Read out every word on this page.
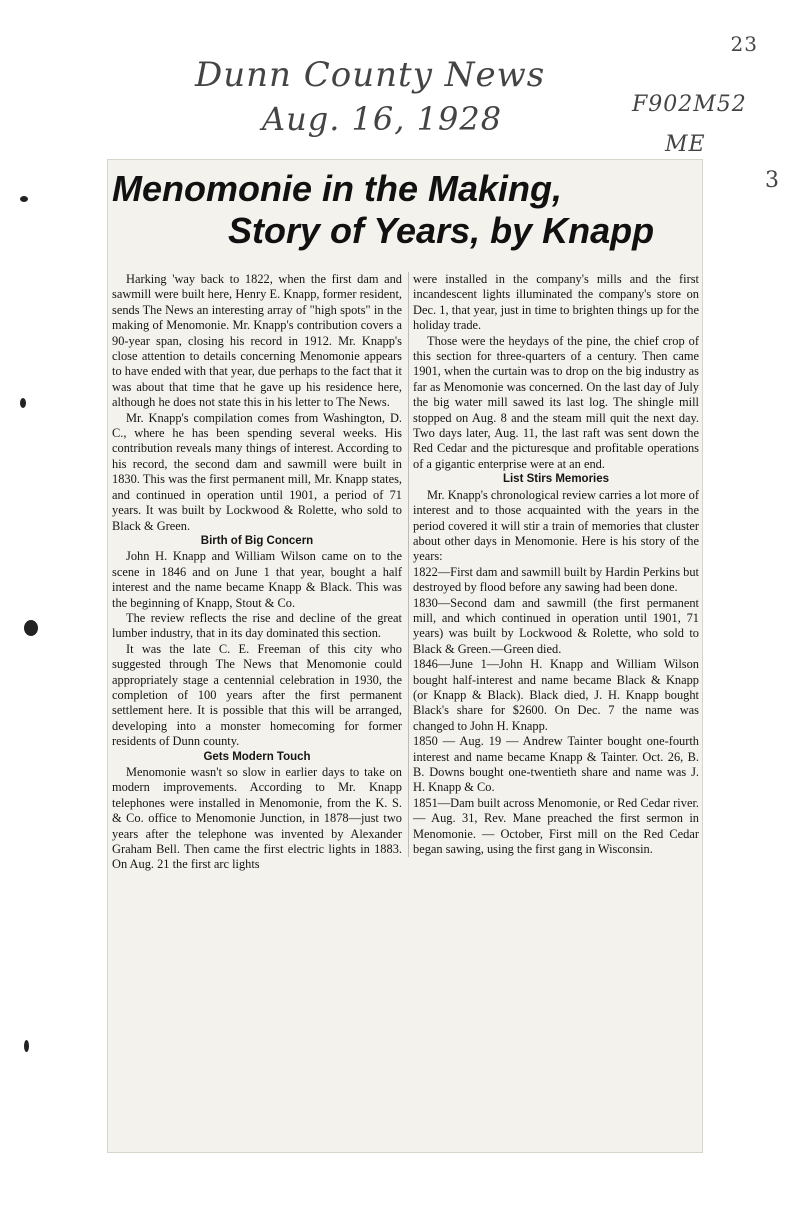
Dunn County News
Aug. 16, 1928
23
F902M52
ME
3
Menomonie in the Making,
Story of Years, by Knapp

Harking 'way back to 1822, when the first dam and sawmill were built here, Henry E. Knapp, former resident, sends The News an interesting array of "high spots" in the making of Menomonie. Mr. Knapp's contribution covers a 90-year span, closing his record in 1912. Mr. Knapp's close attention to details concerning Menomonie appears to have ended with that year, due perhaps to the fact that it was about that time that he gave up his residence here, although he does not state this in his letter to The News.

Mr. Knapp's compilation comes from Washington, D. C., where he has been spending several weeks. His contribution reveals many things of interest. According to his record, the second dam and sawmill were built in 1830. This was the first permanent mill, Mr. Knapp states, and continued in operation until 1901, a period of 71 years. It was built by Lockwood & Rolette, who sold to Black & Green.

Birth of Big Concern

John H. Knapp and William Wilson came on to the scene in 1846 and on June 1 that year, bought a half interest and the name became Knapp & Black. This was the beginning of Knapp, Stout & Co.

The review reflects the rise and decline of the great lumber industry, that in its day dominated this section.

It was the late C. E. Freeman of this city who suggested through The News that Menomonie could appropriately stage a centennial celebration in 1930, the completion of 100 years after the first permanent settlement here. It is possible that this will be arranged, developing into a monster homecoming for former residents of Dunn county.

Gets Modern Touch

Menomonie wasn't so slow in earlier days to take on modern improvements. According to Mr. Knapp telephones were installed in Menomonie, from the K. S. & Co. office to Menomonie Junction, in 1878—just two years after the telephone was invented by Alexander Graham Bell. Then came the first electric lights in 1883. On Aug. 21 the first arc lights

were installed in the company's mills and the first incandescent lights illuminated the company's store on Dec. 1, that year, just in time to brighten things up for the holiday trade.

Those were the heydays of the pine, the chief crop of this section for three-quarters of a century. Then came 1901, when the curtain was to drop on the big industry as far as Menomonie was concerned. On the last day of July the big water mill sawed its last log. The shingle mill stopped on Aug. 8 and the steam mill quit the next day. Two days later, Aug. 11, the last raft was sent down the Red Cedar and the picturesque and profitable operations of a gigantic enterprise were at an end.

List Stirs Memories

Mr. Knapp's chronological review carries a lot more of interest and to those acquainted with the years in the period covered it will stir a train of memories that cluster about other days in Menomonie. Here is his story of the years:

1822—First dam and sawmill built by Hardin Perkins but destroyed by flood before any sawing had been done.

1830—Second dam and sawmill (the first permanent mill, and which continued in operation until 1901, 71 years) was built by Lockwood & Rolette, who sold to Black & Green.—Green died.

1846—June 1—John H. Knapp and William Wilson bought half-interest and name became Black & Knapp (or Knapp & Black). Black died, J. H. Knapp bought Black's share for $2600. On Dec. 7 the name was changed to John H. Knapp.

1850 — Aug. 19 — Andrew Tainter bought one-fourth interest and name became Knapp & Tainter. Oct. 26, B. B. Downs bought one-twentieth share and name was J. H. Knapp & Co.

1851—Dam built across Menomonie, or Red Cedar river. — Aug. 31, Rev. Mane preached the first sermon in Menomonie. — October, First mill on the Red Cedar began sawing, using the first gang in Wisconsin.
